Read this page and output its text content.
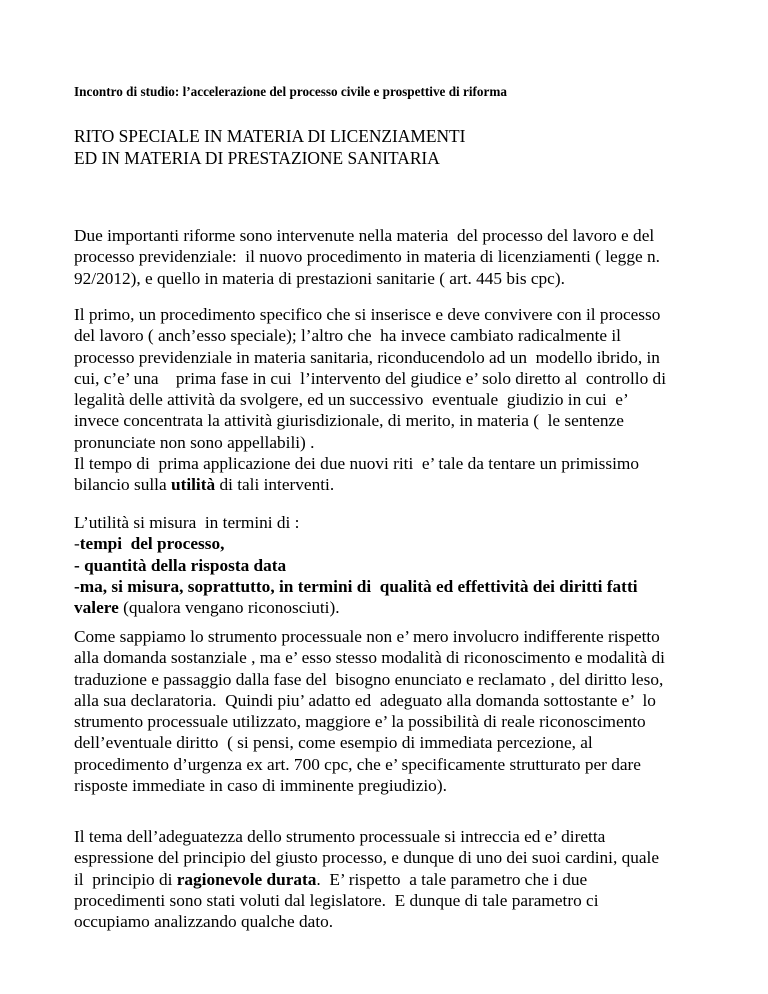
Incontro di studio: l’accelerazione del processo civile e prospettive di riforma
RITO SPECIALE IN MATERIA DI LICENZIAMENTI
ED IN MATERIA DI PRESTAZIONE SANITARIA
Due importanti riforme sono intervenute nella materia  del processo del lavoro e del
processo previdenziale:  il nuovo procedimento in materia di licenziamenti ( legge n.
92/2012), e quello in materia di prestazioni sanitarie ( art. 445 bis cpc).
Il primo, un procedimento specifico che si inserisce e deve convivere con il processo
del lavoro ( anch’esso speciale); l’altro che  ha invece cambiato radicalmente il
processo previdenziale in materia sanitaria, riconducendolo ad un  modello ibrido, in
cui, c’e’ una    prima fase in cui  l’intervento del giudice e’ solo diretto al  controllo di
legalità delle attività da svolgere, ed un successivo  eventuale  giudizio in cui  e’
invece concentrata la attività giurisdizionale, di merito, in materia (  le sentenze
pronunciate non sono appellabili) .
Il tempo di  prima applicazione dei due nuovi riti  e’ tale da tentare un primissimo
bilancio sulla utilità di tali interventi.
L’utilità si misura  in termini di :
-tempi  del processo,
- quantità della risposta data
-ma, si misura, soprattutto, in termini di  qualità ed effettività dei diritti fatti
valere (qualora vengano riconosciuti).
Come sappiamo lo strumento processuale non e’ mero involucro indifferente rispetto
alla domanda sostanziale , ma e’ esso stesso modalità di riconoscimento e modalità di
traduzione e passaggio dalla fase del  bisogno enunciato e reclamato , del diritto leso,
alla sua declaratoria.  Quindi piu’ adatto ed  adeguato alla domanda sottostante e’  lo
strumento processuale utilizzato, maggiore e’ la possibilità di reale riconoscimento
dell’eventuale diritto  ( si pensi, come esempio di immediata percezione, al
procedimento d’urgenza ex art. 700 cpc, che e’ specificamente strutturato per dare
risposte immediate in caso di imminente pregiudizio).
Il tema dell’adeguatezza dello strumento processuale si intreccia ed e’ diretta
espressione del principio del giusto processo, e dunque di uno dei suoi cardini, quale
il  principio di ragionevole durata.  E’ rispetto  a tale parametro che i due
procedimenti sono stati voluti dal legislatore.  E dunque di tale parametro ci
occupiamo analizzando qualche dato.
